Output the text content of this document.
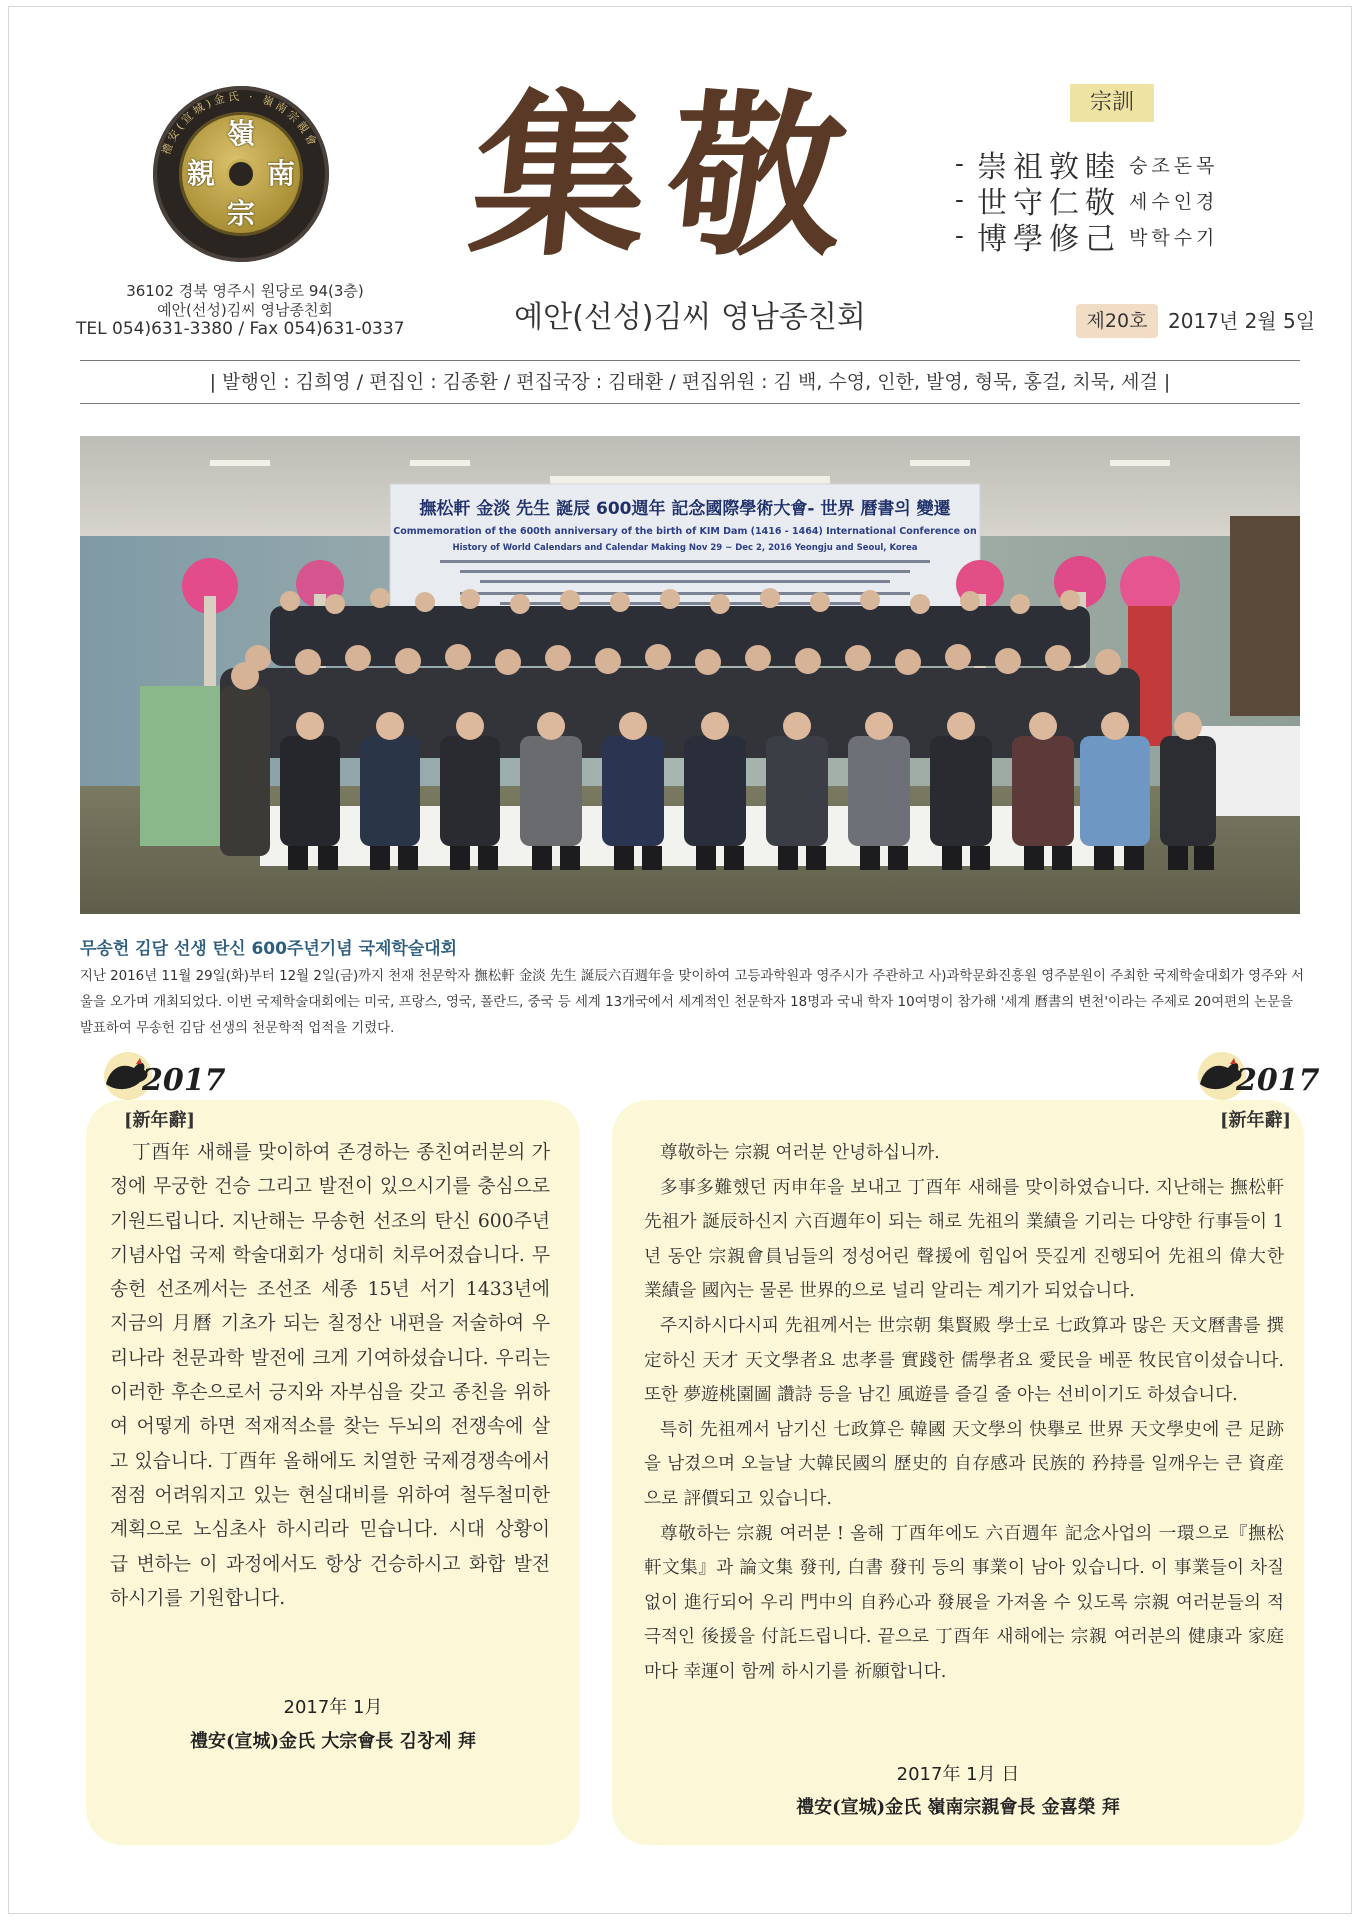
禮安(宣城)金氏 · 嶺南宗親會
嶺
南
宗
親
36102 경북 영주시 원당로 94(3층)
예안(선성)김씨 영남종친회
TEL 054)631-3380 / Fax 054)631-0337
集敬
예안(선성)김씨 영남종친회
宗訓
- 崇祖敦睦 숭조돈목
- 世守仁敬 세수인경
- 博學修己 박학수기
제20호	2017년 2월 5일
| 발행인 : 김희영 / 편집인 : 김종환 / 편집국장 : 김태환 / 편집위원 : 김 백, 수영, 인한, 발영, 형묵, 홍걸, 치묵, 세걸 |
撫松軒 金淡 先生 誕辰 600週年 記念國際學術大會- 世界 曆書의 變遷
Commemoration of the 600th anniversary of the birth of KIM Dam (1416 - 1464) International Conference on
History of World Calendars and Calendar Making Nov 29 ~ Dec 2, 2016 Yeongju and Seoul, Korea
무송헌 김담 선생 탄신 600주년기념 국제학술대회
지난 2016년 11월 29일(화)부터 12월 2일(금)까지 천재 천문학자 撫松軒 金淡 先生 誕辰六百週年을 맞이하여 고등과학원과 영주시가 주관하고 사)과학문화진흥원 영주분원이 주최한 국제학술대회가 영주와 서울을 오가며 개최되었다. 이번 국제학술대회에는 미국, 프랑스, 영국, 폴란드, 중국 등 세계 13개국에서 세계적인 천문학자 18명과 국내 학자 10여명이 참가해 '세계 曆書의 변천'이라는 주제로 20여편의 논문을 발표하여 무송헌 김담 선생의 천문학적 업적을 기렸다.
2017
[ 新年辭 ]
丁酉年 새해를 맞이하여 존경하는 종친여러분의 가정에 무궁한 건승 그리고 발전이 있으시기를 충심으로 기원드립니다. 지난해는 무송헌 선조의 탄신 600주년 기념사업 국제 학술대회가 성대히 치루어졌습니다. 무송헌 선조께서는 조선조 세종 15년 서기 1433년에 지금의 月曆 기초가 되는 칠정산 내편을 저술하여 우리나라 천문과학 발전에 크게 기여하셨습니다. 우리는 이러한 후손으로서 긍지와 자부심을 갖고 종친을 위하여 어떻게 하면 적재적소를 찾는 두뇌의 전쟁속에 살고 있습니다. 丁酉年 올해에도 치열한 국제경쟁속에서 점점 어려워지고 있는 현실대비를 위하여 철두철미한 계획으로 노심초사 하시리라 믿습니다. 시대 상황이 급 변하는 이 과정에서도 항상 건승하시고 화합 발전하시기를 기원합니다.
2017年 1月
禮安(宣城)金氏 大宗會長 김창제 拜
2017
[ 新年辭 ]

尊敬하는 宗親 여러분 안녕하십니까.

多事多難했던 丙申年을 보내고 丁酉年 새해를 맞이하였습니다. 지난해는 撫松軒 先祖가 誕辰하신지 六百週年이 되는 해로 先祖의 業績을 기리는 다양한 行事들이 1년 동안 宗親會員님들의 정성어린 聲援에 힘입어 뜻깊게 진행되어 先祖의 偉大한 業績을 國內는 물론 世界的으로 널리 알리는 계기가 되었습니다.

주지하시다시피 先祖께서는 世宗朝 集賢殿 學士로 七政算과 많은 天文曆書를 撰定하신 天才 天文學者요 忠孝를 實踐한 儒學者요 愛民을 베푼 牧民官이셨습니다. 또한 夢遊桃園圖 讚詩 등을 남긴 風遊를 즐길 줄 아는 선비이기도 하셨습니다.

특히 先祖께서 남기신 七政算은 韓國 天文學의 快擧로 世界 天文學史에 큰 足跡을 남겼으며 오늘날 大韓民國의 歷史的 自存感과 民族的 矜持를 일깨우는 큰 資産으로 評價되고 있습니다.

尊敬하는 宗親 여러분 ! 올해 丁酉年에도 六百週年 記念사업의 一環으로『撫松軒文集』과 論文集 發刊, 白書 發刊 등의 事業이 남아 있습니다. 이 事業들이 차질없이 進行되어 우리 門中의 自矜心과 發展을 가져올 수 있도록 宗親 여러분들의 적극적인 後援을 付託드립니다. 끝으로 丁酉年 새해에는 宗親 여러분의 健康과 家庭마다 幸運이 함께 하시기를 祈願합니다.

2017年 1月 日
禮安(宣城)金氏 嶺南宗親會長 金喜榮 拜
